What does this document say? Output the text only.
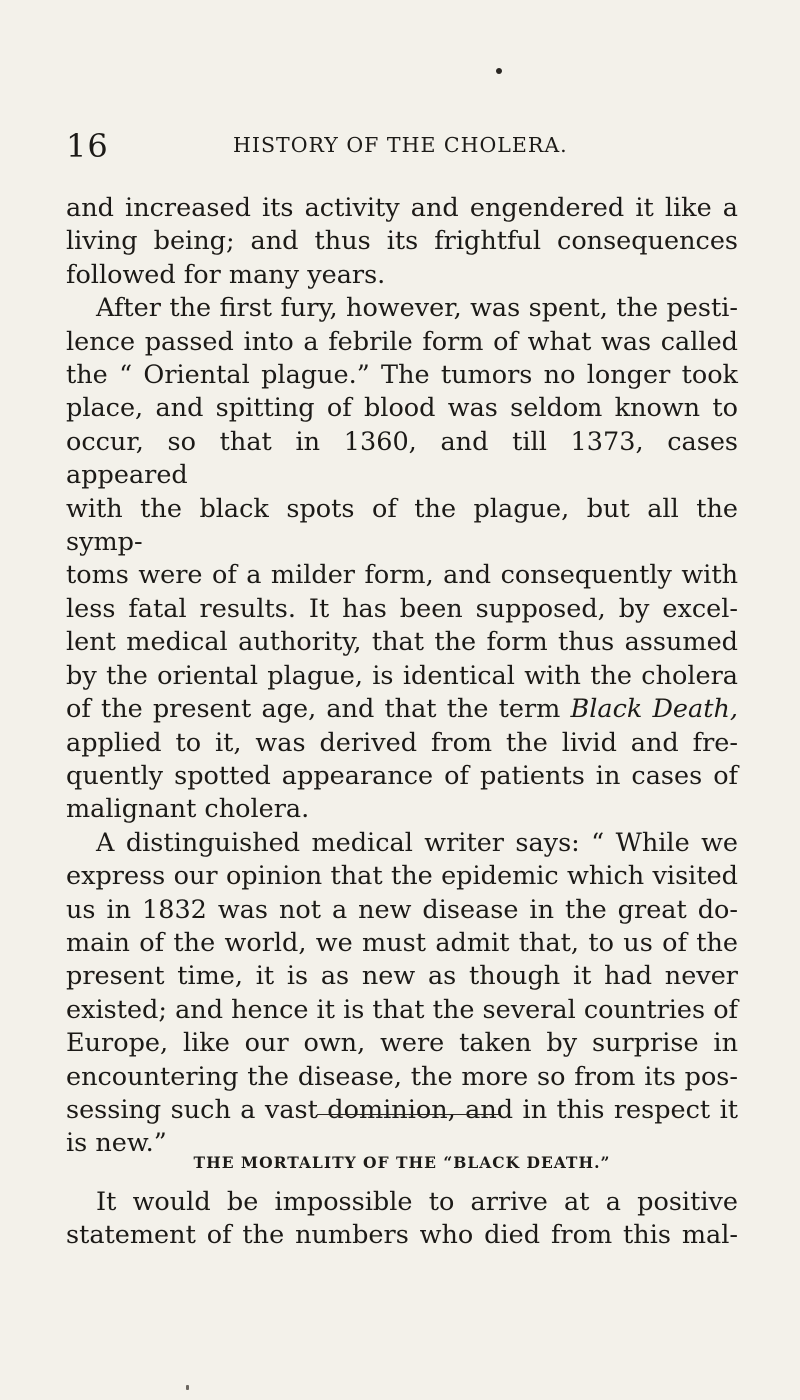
16	HISTORY OF THE CHOLERA.

and increased its activity and engendered it like a

living being; and thus its frightful consequences

followed for many years.

After the first fury, however, was spent, the pesti-

lence passed into a febrile form of what was called

the “ Oriental plague.” The tumors no longer took

place, and spitting of blood was seldom known to

occur, so that in 1360, and till 1373, cases appeared

with the black spots of the plague, but all the symp-

toms were of a milder form, and consequently with

less fatal results. It has been supposed, by excel-

lent medical authority, that the form thus assumed

by the oriental plague, is identical with the cholera

of the present age, and that the term Black Death,

applied to it, was derived from the livid and fre-

quently spotted appearance of patients in cases of

malignant cholera.

A distinguished medical writer says: “ While we

express our opinion that the epidemic which visited

us in 1832 was not a new disease in the great do-

main of the world, we must admit that, to us of the

present time, it is as new as though it had never

existed; and hence it is that the several countries of

Europe, like our own, were taken by surprise in

encountering the disease, the more so from its pos-

sessing such a vast dominion, and in this respect it

is new.”

THE MORTALITY OF THE “BLACK DEATH.”

It would be impossible to arrive at a positive

statement of the numbers who died from this mal-
